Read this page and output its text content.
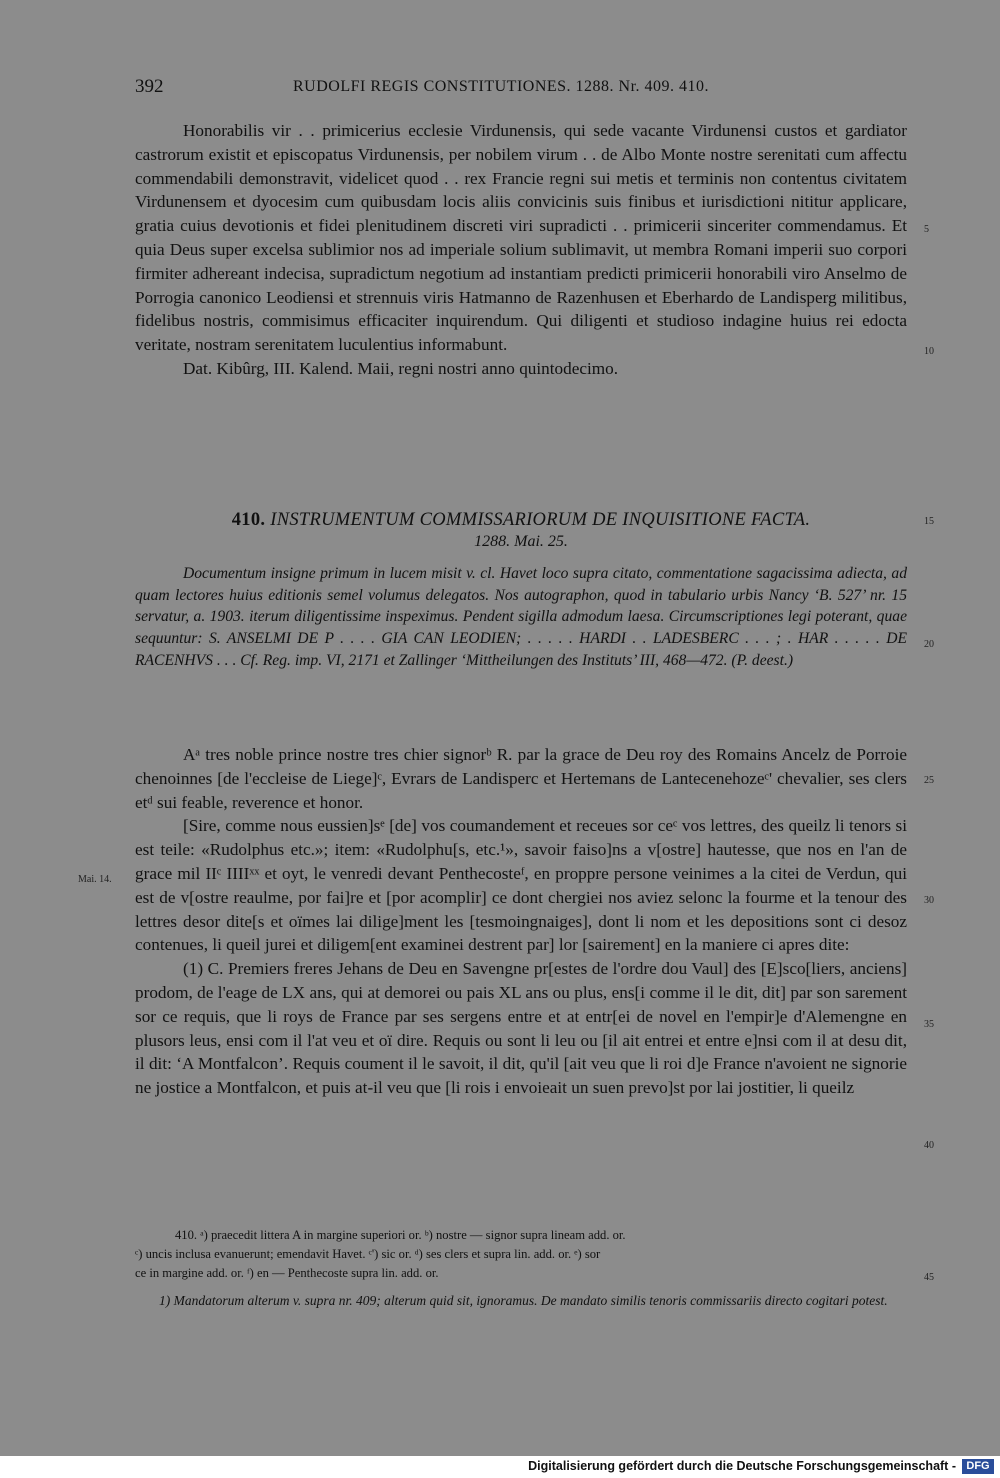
392	RUDOLFI REGIS CONSTITUTIONES. 1288. Nr. 409. 410.

Honorabilis vir . . primicerius ecclesie Virdunensis, qui sede vacante Virdunensi custos et gardiator castrorum existit et episcopatus Virdunensis, per nobilem virum . . de Albo Monte nostre serenitati cum affectu commendabili demonstravit, videlicet quod . . rex Francie regni sui metis et terminis non contentus civitatem Virdunensem et dyocesim cum quibusdam locis aliis convicinis suis finibus et iurisdictioni nititur applicare, gratia cuius devotionis et fidei plenitudinem discreti viri supradicti . . primicerii sinceriter commendamus. Et quia Deus super excelsa sublimior nos ad imperiale solium sublimavit, ut membra Romani imperii suo corpori firmiter adhereant indecisa, supradictum negotium ad instantiam predicti primicerii honorabili viro Anselmo de Porrogia canonico Leodiensi et strennuis viris Hatmanno de Razenhusen et Eberhardo de Landisperg militibus, fidelibus nostris, commisimus efficaciter inquirendum. Qui diligenti et studioso indagine huius rei edocta veritate, nostram serenitatem luculentius informabunt.

Dat. Kibûrg, III. Kalend. Maii, regni nostri anno quintodecimo.

410. INSTRUMENTUM COMMISSARIORUM DE INQUISITIONE FACTA.

1288. Mai. 25.

Documentum insigne primum in lucem misit v. cl. Havet loco supra citato, commentatione sagacissima adiecta, ad quam lectores huius editionis semel volumus delegatos. Nos autographon, quod in tabulario urbis Nancy ‘B. 527’ nr. 15 servatur, a. 1903. iterum diligentissime inspeximus. Pendent sigilla admodum laesa. Circumscriptiones legi poterant, quae sequuntur: S. ANSELMI DE P . . . . GIA CAN LEODIEN; . . . . . HARDI . . LADESBERC . . . ; . HAR . . . . . DE RACENHVS . . . Cf. Reg. imp. VI, 2171 et Zallinger ‘Mittheilungen des Instituts’ III, 468—472. (P. deest.)

Aᵃ tres noble prince nostre tres chier signorᵇ R. par la grace de Deu roy des Romains Ancelz de Porroie chenoinnes [de l'eccleise de Liege]ᶜ, Evrars de Landisperc et Hertemans de Lantecenehozeᶜ' chevalier, ses clers etᵈ sui feable, reverence et honor.

[Sire, comme nous eussien]sᵉ [de] vos coumandement et receues sor ceᶜ vos lettres, des queilz li tenors si est teile: «Rudolphus etc.»; item: «Rudolphu[s, etc.¹», savoir faiso]ns a v[ostre] hautesse, que nos en l'an de grace mil IIᶜ IIIIˣˣ et oyt, le venredi devant Penthecosteᶠ, en proppre persone veinimes a la citei de Verdun, qui est de v[ostre reaulme, por fai]re et [por acomplir] ce dont chergiei nos aviez selonc la fourme et la tenour des lettres desor dite[s et oïmes lai dilige]ment les [tesmoingnaiges], dont li nom et les depositions sont ci desoz contenues, li queil jurei et diligem[ent examinei destrent par] lor [sairement] en la maniere ci apres dite:

(1) C. Premiers freres Jehans de Deu en Savengne pr[estes de l'ordre dou Vaul] des [E]sco[liers, anciens] prodom, de l'eage de LX ans, qui at demorei ou pais XL ans ou plus, ens[i comme il le dit, dit] par son sarement sor ce requis, que li roys de France par ses sergens entre et at entr[ei de novel en l'empir]e d'Alemengne en plusors leus, ensi com il l'at veu et oï dire. Requis ou sont li leu ou [il ait entrei et entre e]nsi com il at desu dit, il dit: ‘A Montfalcon’. Requis coument il le savoit, il dit, qu'il [ait veu que li roi d]e France n'avoient ne signorie ne jostice a Montfalcon, et puis at-il veu que [li rois i envoieait un suen prevo]st por lai jostitier, li queilz

410. ᵃ) praecedit littera A in margine superiori or. ᵇ) nostre — signor supra lineam add. or.

ᶜ) uncis inclusa evanuerunt; emendavit Havet. ᶜ') sic or. ᵈ) ses clers et supra lin. add. or. ᵉ) sor

ce in margine add. or. ᶠ) en — Penthecoste supra lin. add. or.

1) Mandatorum alterum v. supra nr. 409; alterum quid sit, ignoramus. De mandato similis tenoris commissariis directo cogitari potest.

Mai. 14.
5
10
15
20
25
30
35
40
45
Digitalisierung gefördert durch die Deutsche Forschungsgemeinschaft - DFG
